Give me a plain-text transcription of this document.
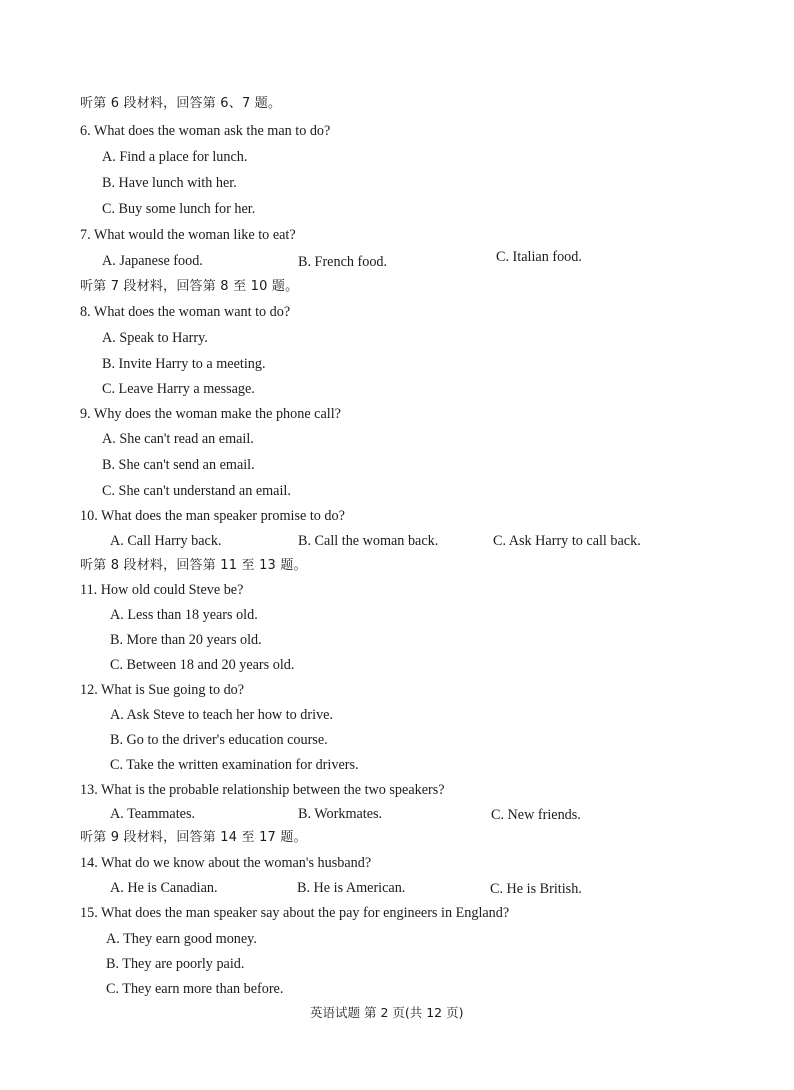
听第 6 段材料，回答第 6、7 题。
6. What does the woman ask the man to do?
A. Find a place for lunch.
B. Have lunch with her.
C. Buy some lunch for her.
7. What would the woman like to eat?
A. Japanese food.	B. French food.	C. Italian food.
听第 7 段材料，回答第 8 至 10 题。
8. What does the woman want to do?
A. Speak to Harry.
B. Invite Harry to a meeting.
C. Leave Harry a message.
9. Why does the woman make the phone call?
A. She can't read an email.
B. She can't send an email.
C. She can't understand an email.
10. What does the man speaker promise to do?
A. Call Harry back.	B. Call the woman back.	C. Ask Harry to call back.
听第 8 段材料，回答第 11 至 13 题。
11. How old could Steve be?
A. Less than 18 years old.
B. More than 20 years old.
C. Between 18 and 20 years old.
12. What is Sue going to do?
A. Ask Steve to teach her how to drive.
B. Go to the driver's education course.
C. Take the written examination for drivers.
13. What is the probable relationship between the two speakers?
A. Teammates.	B. Workmates.	C. New friends.
听第 9 段材料，回答第 14 至 17 题。
14. What do we know about the woman's husband?
A. He is Canadian.	B. He is American.	C. He is British.
15. What does the man speaker say about the pay for engineers in England?
A. They earn good money.
B. They are poorly paid.
C. They earn more than before.
英语试题 第 2 页(共 12 页)
